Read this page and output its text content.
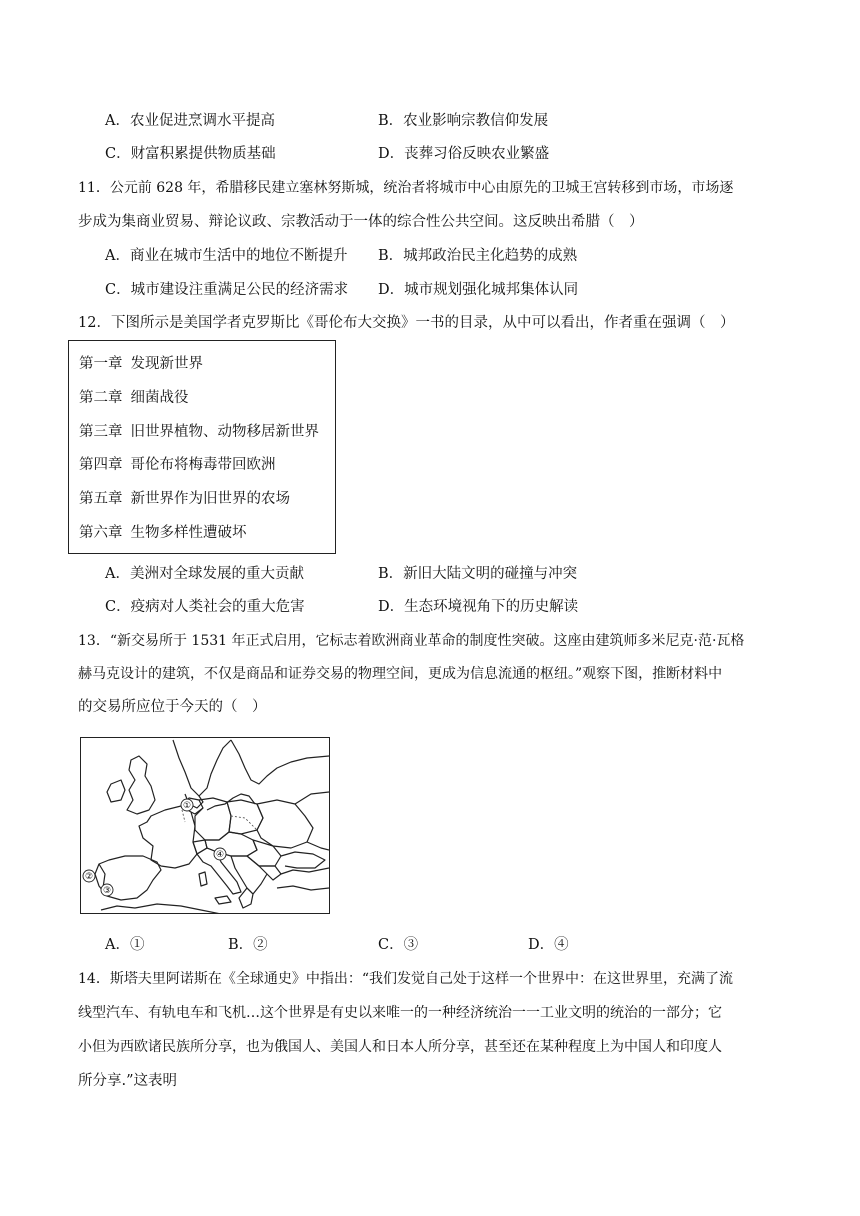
A．农业促进烹调水平提高	B．农业影响宗教信仰发展
C．财富积累提供物质基础	D．丧葬习俗反映农业繁盛
11．公元前 628 年，希腊移民建立塞林努斯城，统治者将城市中心由原先的卫城王宫转移到市场，市场逐
步成为集商业贸易、辩论议政、宗教活动于一体的综合性公共空间。这反映出希腊（　）
A．商业在城市生活中的地位不断提升 B．城邦政治民主化趋势的成熟
C．城市建设注重满足公民的经济需求 D．城市规划强化城邦集体认同
12．下图所示是美国学者克罗斯比《哥伦布大交换》一书的目录，从中可以看出，作者重在强调（　）
第一章 发现新世界
第二章 细菌战役
第三章 旧世界植物、动物移居新世界
第四章 哥伦布将梅毒带回欧洲
第五章 新世界作为旧世界的农场
第六章 生物多样性遭破坏
A．美洲对全球发展的重大贡献	B．新旧大陆文明的碰撞与冲突
C．疫病对人类社会的重大危害	D．生态环境视角下的历史解读
13．“新交易所于 1531 年正式启用，它标志着欧洲商业革命的制度性突破。这座由建筑师多米尼克·范·瓦格
赫马克设计的建筑，不仅是商品和证券交易的物理空间，更成为信息流通的枢纽。”观察下图，推断材料中
的交易所应位于今天的（　）
①
②
③
④
A．①	B．②	C．③	D．④
14．斯塔夫里阿诺斯在《全球通史》中指出：“我们发觉自己处于这样一个世界中：在这世界里，充满了流
线型汽车、有轨电车和飞机…这个世界是有史以来唯一的一种经济统治一一工业文明的统治的一部分；它
小但为西欧诸民族所分享，也为俄国人、美国人和日本人所分享，甚至还在某种程度上为中国人和印度人
所分享.”这表明
